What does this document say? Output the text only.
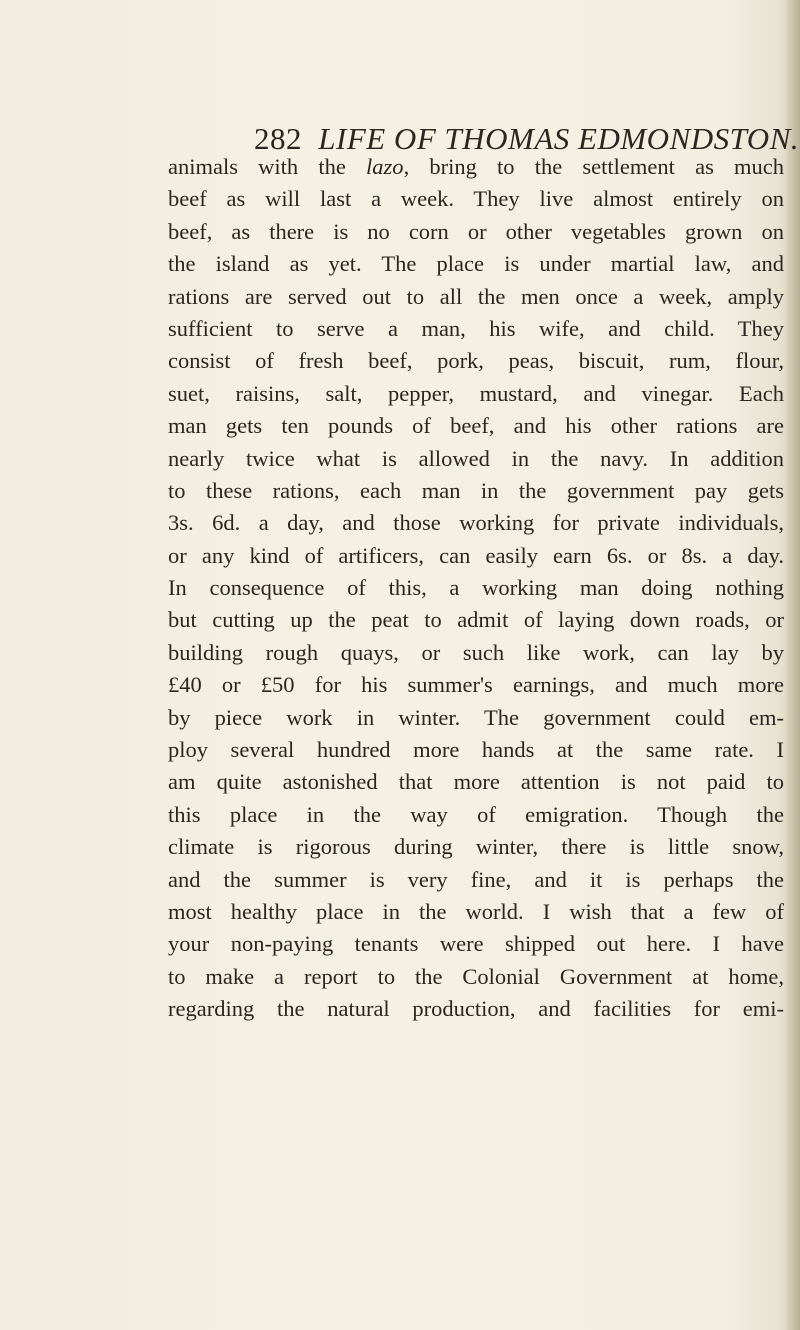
282 LIFE OF THOMAS EDMONDSTON.
animals with the lazo, bring to the settlement as much
beef as will last a week. They live almost entirely on
beef, as there is no corn or other vegetables grown on
the island as yet. The place is under martial law, and
rations are served out to all the men once a week, amply
sufficient to serve a man, his wife, and child. They
consist of fresh beef, pork, peas, biscuit, rum, flour,
suet, raisins, salt, pepper, mustard, and vinegar. Each
man gets ten pounds of beef, and his other rations are
nearly twice what is allowed in the navy. In addition
to these rations, each man in the government pay gets
3s. 6d. a day, and those working for private individuals,
or any kind of artificers, can easily earn 6s. or 8s. a day.
In consequence of this, a working man doing nothing
but cutting up the peat to admit of laying down roads, or
building rough quays, or such like work, can lay by
£40 or £50 for his summer's earnings, and much more
by piece work in winter. The government could em-
ploy several hundred more hands at the same rate. I
am quite astonished that more attention is not paid to
this place in the way of emigration. Though the
climate is rigorous during winter, there is little snow,
and the summer is very fine, and it is perhaps the
most healthy place in the world. I wish that a few of
your non-paying tenants were shipped out here. I have
to make a report to the Colonial Government at home,
regarding the natural production, and facilities for emi-
